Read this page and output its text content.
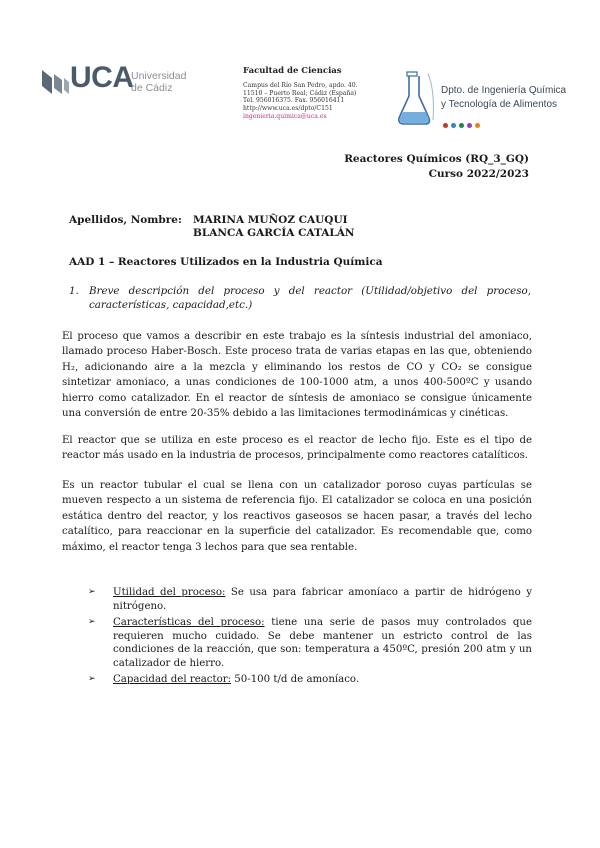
UCA
Universidad
de Cádiz
Facultad de Ciencias
Campus del Río San Pedro, apdo. 40.
11510 – Puerto Real; Cádiz (España)
Tel. 956016375. Fax. 956016411
http://www.uca.es/dpto/C151
ingenieria.quimica@uca.es
Dpto. de Ingeniería Química
y Tecnología de Alimentos
Reactores Químicos (RQ_3_GQ)
Curso 2022/2023
Apellidos, Nombre: MARINA MUÑOZ CAUQUI
BLANCA GARCÍA CATALÁN
AAD 1 – Reactores Utilizados en la Industria Química
1. Breve descripción del proceso y del reactor (Utilidad/objetivo del proceso, características, capacidad,etc.)
El proceso que vamos a describir en este trabajo es la síntesis industrial del amoniaco, llamado proceso Haber-Bosch. Este proceso trata de varias etapas en las que, obteniendo H₂, adicionando aire a la mezcla y eliminando los restos de CO y CO₂ se consigue sintetizar amoniaco, a unas condiciones de 100-1000 atm, a unos 400-500ºC y usando hierro como catalizador. En el reactor de síntesis de amoniaco se consigue únicamente una conversión de entre 20-35% debido a las limitaciones termodinámicas y cinéticas.
El reactor que se utiliza en este proceso es el reactor de lecho fijo. Este es el tipo de reactor más usado en la industria de procesos, principalmente como reactores catalíticos.
Es un reactor tubular el cual se llena con un catalizador poroso cuyas partículas se mueven respecto a un sistema de referencia fijo. El catalizador se coloca en una posición estática dentro del reactor, y los reactivos gaseosos se hacen pasar, a través del lecho catalítico, para reaccionar en la superficie del catalizador. Es recomendable que, como máximo, el reactor tenga 3 lechos para que sea rentable.
➢	Utilidad del proceso: Se usa para fabricar amoníaco a partir de hidrógeno y nitrógeno.
➢	Características del proceso: tiene una serie de pasos muy controlados que requieren mucho cuidado. Se debe mantener un estricto control de las condiciones de la reacción, que son: temperatura a 450ºC, presión 200 atm y un catalizador de hierro.
➢	Capacidad del reactor: 50-100 t/d de amoníaco.
